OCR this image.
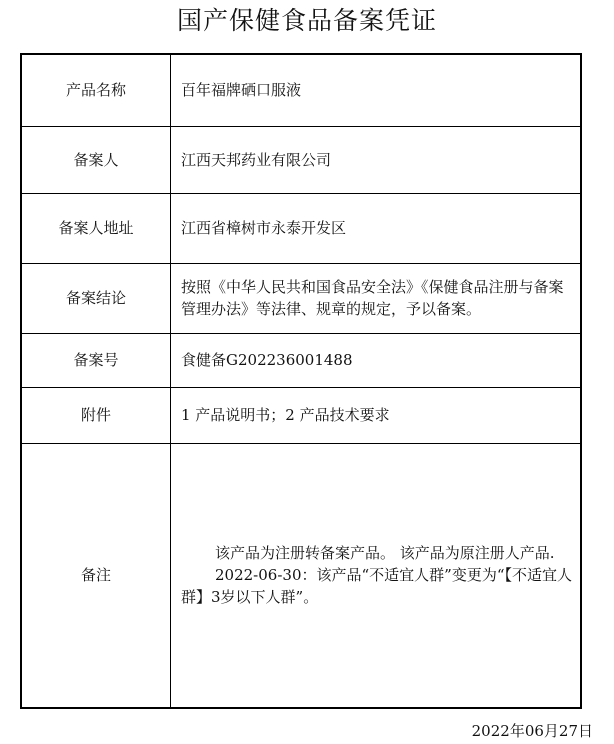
国产保健食品备案凭证
产品名称	百年福牌硒口服液
备案人	江西天邦药业有限公司
备案人地址	江西省樟树市永泰开发区
备案结论	按照《中华人民共和国食品安全法》《保健食品注册与备案管理办法》等法律、规章的规定，予以备案。
备案号	食健备G202236001488
附件	1 产品说明书；2 产品技术要求
备注	该产品为注册转备案产品。 该产品为原注册人产品.
2022-06-30：该产品“不适宜人群”变更为“【不适宜人群】3岁以下人群”。
2022年06月27日
